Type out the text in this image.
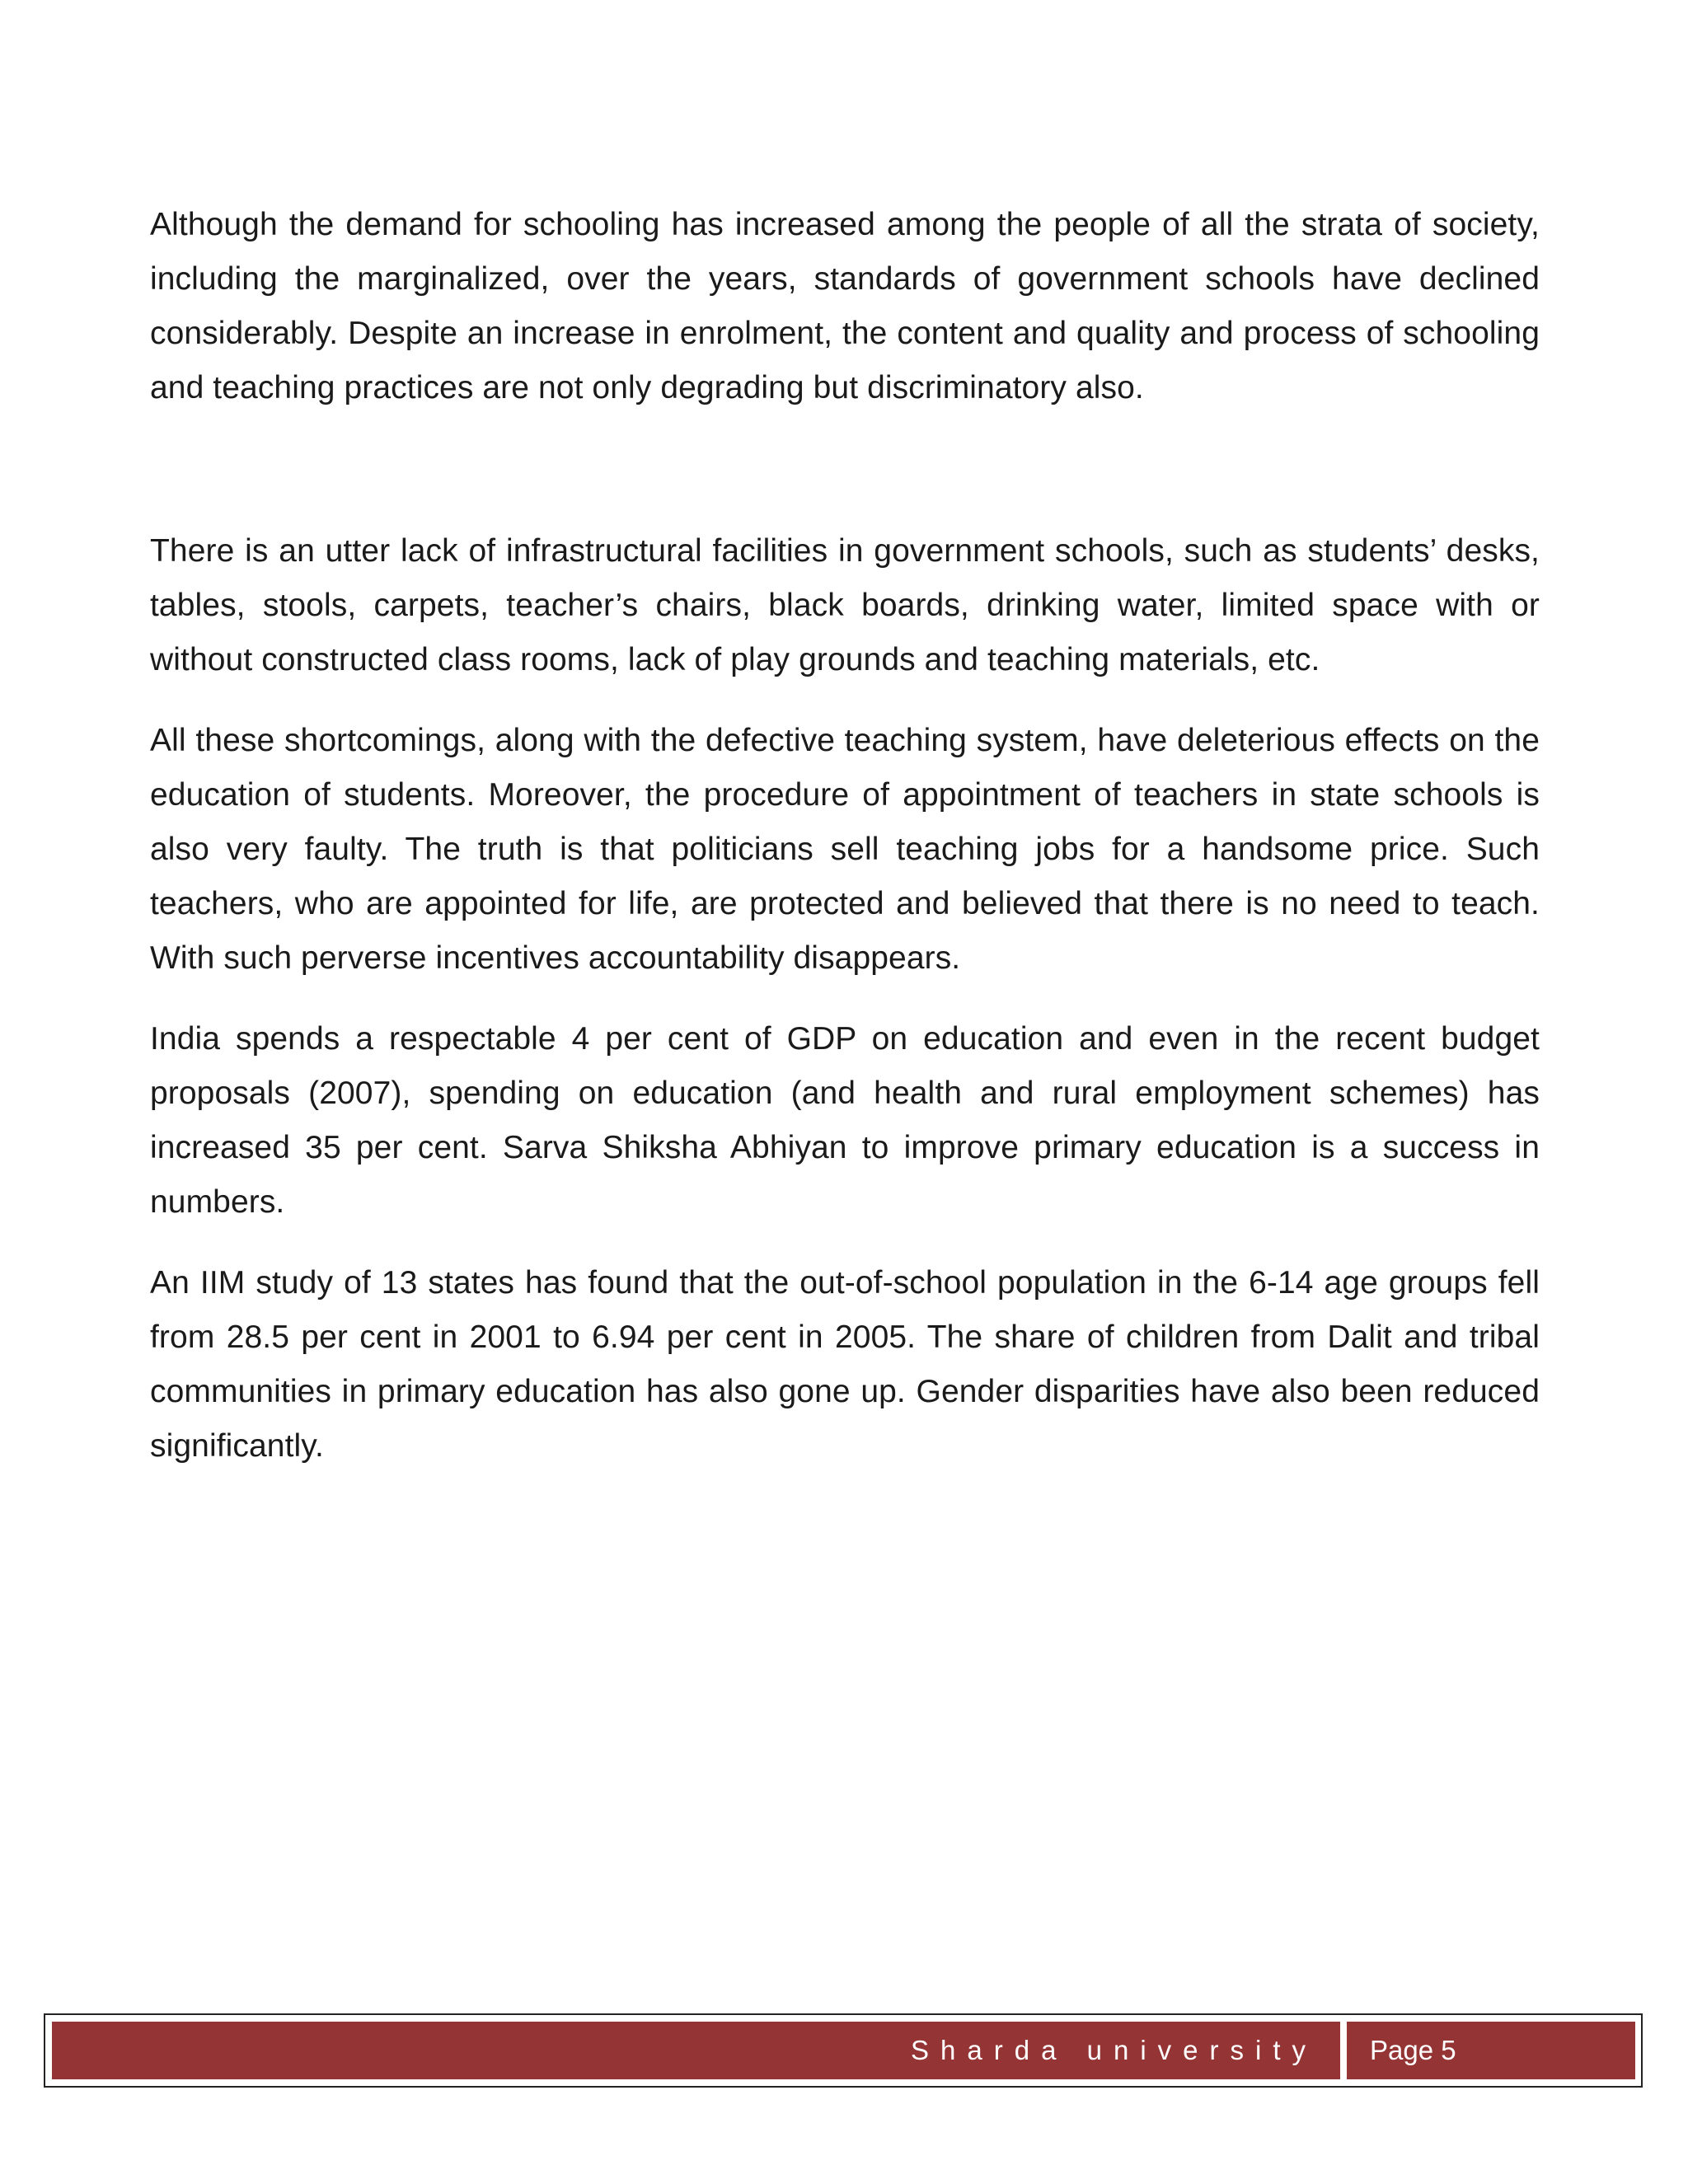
Although the demand for schooling has increased among the people of all the strata of society, including the marginalized, over the years, standards of government schools have declined considerably. Despite an increase in enrolment, the content and quality and process of schooling and teaching practices are not only degrading but discriminatory also.

There is an utter lack of infrastructural facilities in government schools, such as students’ desks, tables, stools, carpets, teacher’s chairs, black boards, drinking water, limited space with or without constructed class rooms, lack of play grounds and teaching materials, etc.

All these shortcomings, along with the defective teaching system, have deleterious effects on the education of students. Moreover, the procedure of appointment of teachers in state schools is also very faulty. The truth is that politicians sell teaching jobs for a handsome price. Such teachers, who are appointed for life, are protected and believed that there is no need to teach. With such perverse incentives accountability disappears.

India spends a respectable 4 per cent of GDP on education and even in the recent budget proposals (2007), spending on education (and health and rural employment schemes) has increased 35 per cent. Sarva Shiksha Abhiyan to improve primary education is a success in numbers.

An IIM study of 13 states has found that the out-of-school population in the 6-14 age groups fell from 28.5 per cent in 2001 to 6.94 per cent in 2005. The share of children from Dalit and tribal communities in primary education has also gone up. Gender disparities have also been reduced significantly.

Sharda university Page 5
